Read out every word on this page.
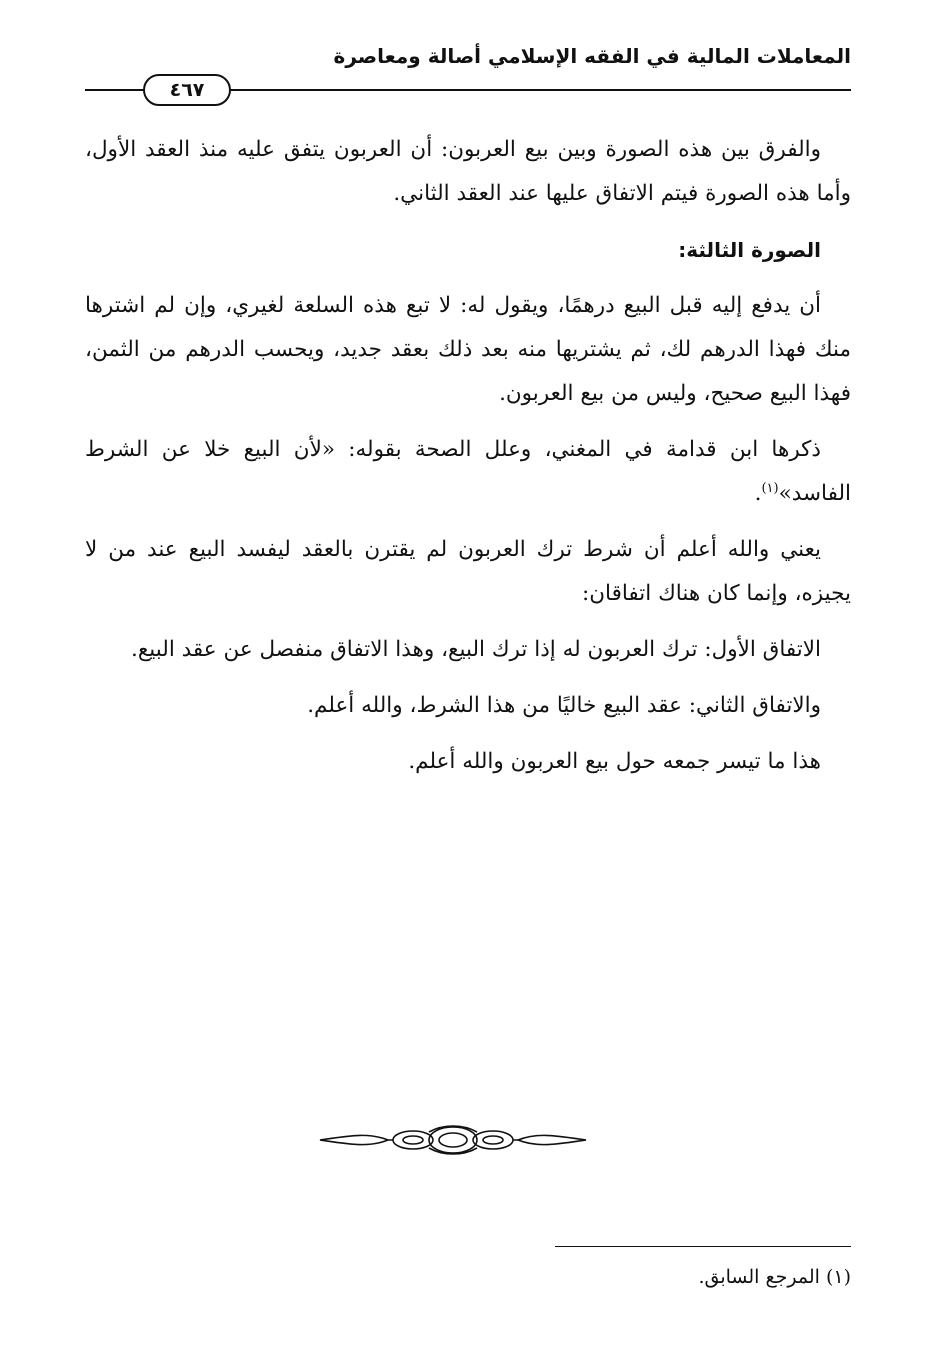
المعاملات المالية في الفقه الإسلامي أصالة ومعاصرة
٤٦٧

والفرق بين هذه الصورة وبين بيع العربون: أن العربون يتفق عليه منذ العقد الأول، وأما هذه الصورة فيتم الاتفاق عليها عند العقد الثاني.

الصورة الثالثة:

أن يدفع إليه قبل البيع درهمًا، ويقول له: لا تبع هذه السلعة لغيري، وإن لم اشترها منك فهذا الدرهم لك، ثم يشتريها منه بعد ذلك بعقد جديد، ويحسب الدرهم من الثمن، فهذا البيع صحيح، وليس من بيع العربون.

ذكرها ابن قدامة في المغني، وعلل الصحة بقوله: «لأن البيع خلا عن الشرط الفاسد»$^{(١)}$.

يعني والله أعلم أن شرط ترك العربون لم يقترن بالعقد ليفسد البيع عند من لا يجيزه، وإنما كان هناك اتفاقان:

الاتفاق الأول: ترك العربون له إذا ترك البيع، وهذا الاتفاق منفصل عن عقد البيع.

والاتفاق الثاني: عقد البيع خاليًا من هذا الشرط، والله أعلم.

هذا ما تيسر جمعه حول بيع العربون والله أعلم.

(١) المرجع السابق.
